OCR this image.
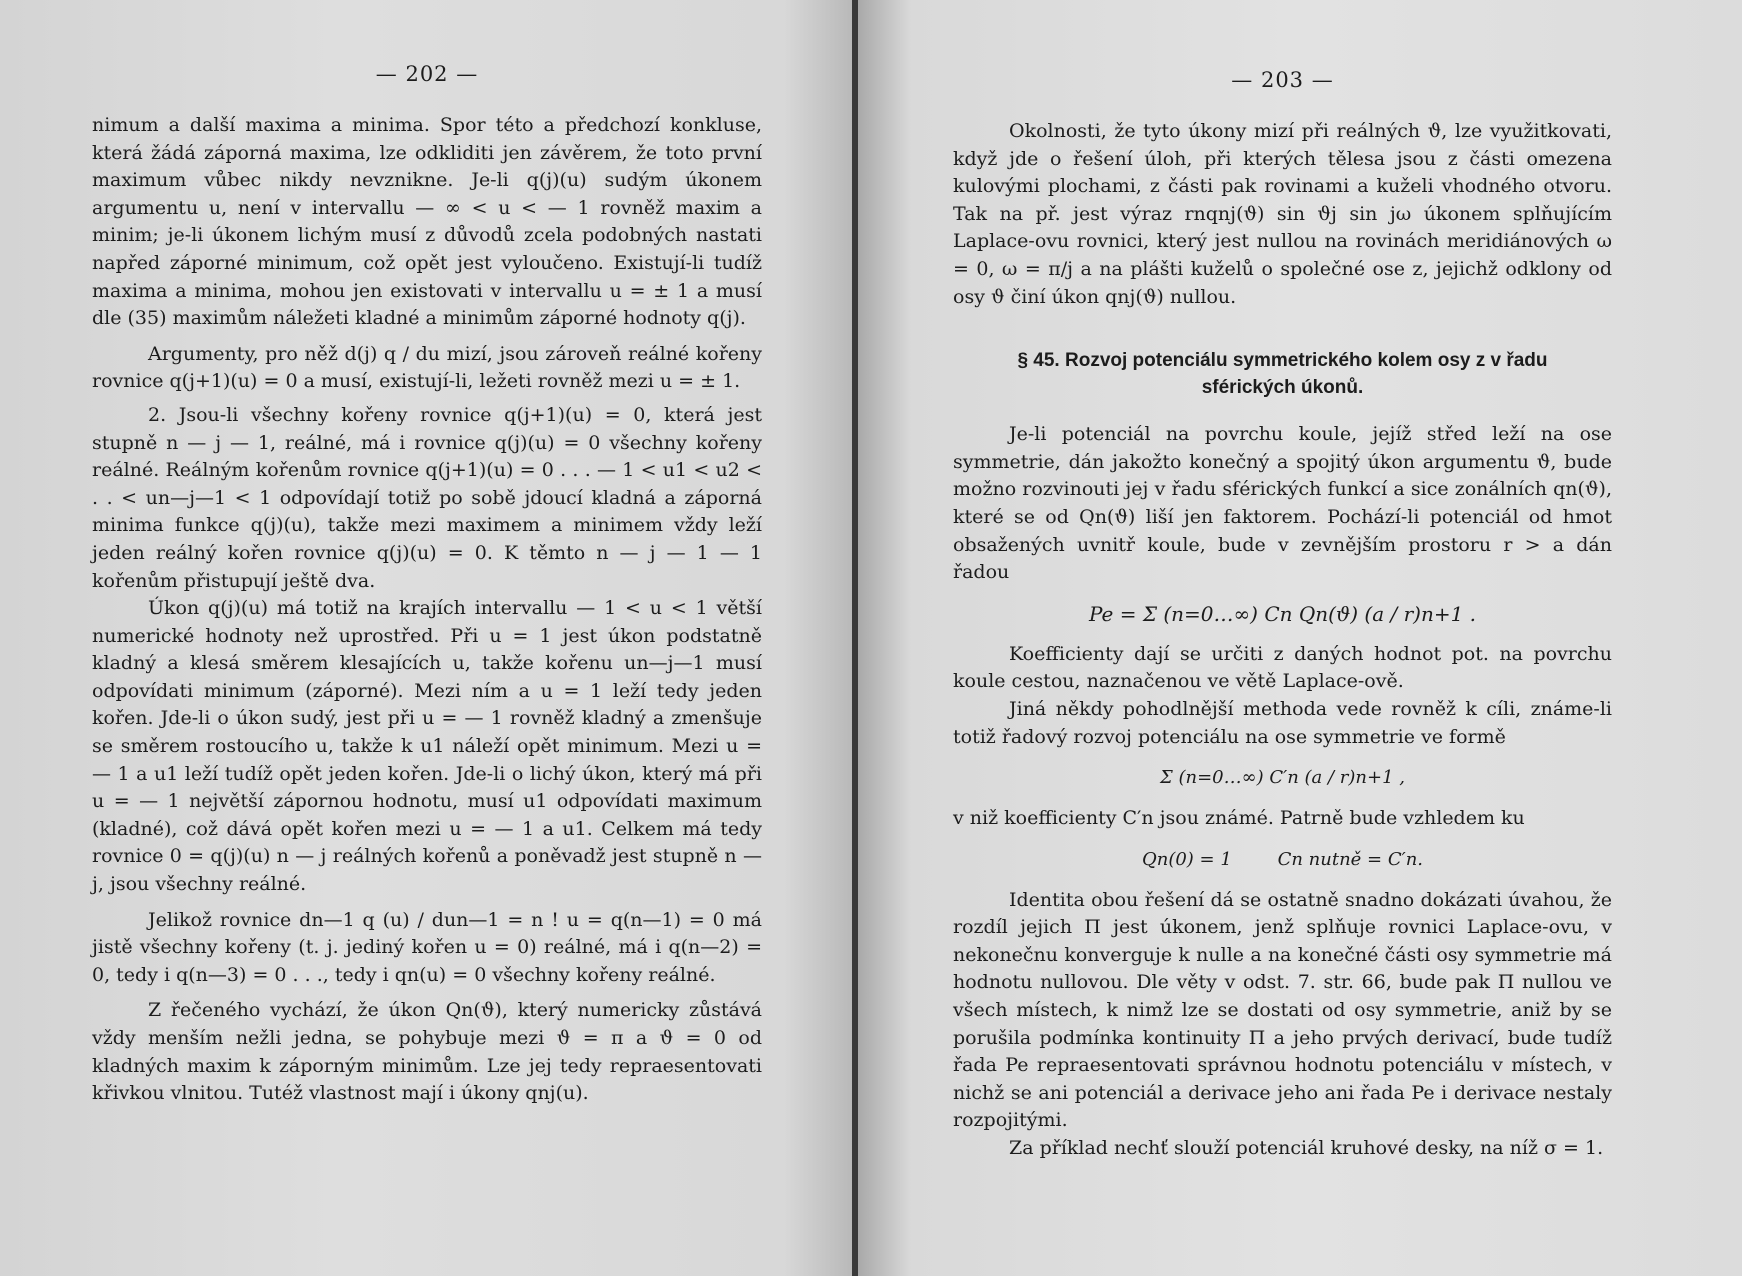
— 202 —

nimum a další maxima a minima. Spor této a předchozí konkluse, která žádá záporná maxima, lze odkliditi jen závěrem, že toto první maximum vůbec nikdy nevznikne. Je-li q(j)(u) sudým úkonem argumentu u, není v intervallu — ∞ < u < — 1 rovněž maxim a minim; je-li úkonem lichým musí z důvodů zcela podobných nastati napřed záporné minimum, což opět jest vyloučeno. Existují-li tudíž maxima a minima, mohou jen existovati v intervallu u = ± 1 a musí dle (35) maximům náležeti kladné a minimům záporné hodnoty q(j).

Argumenty, pro něž d(j) q / du mizí, jsou zároveň reálné kořeny rovnice q(j+1)(u) = 0 a musí, existují-li, ležeti rovněž mezi u = ± 1.

2. Jsou-li všechny kořeny rovnice q(j+1)(u) = 0, která jest stupně n — j — 1, reálné, má i rovnice q(j)(u) = 0 všechny kořeny reálné. Reálným kořenům rovnice q(j+1)(u) = 0 . . . — 1 < u1 < u2 < . . < un—j—1 < 1 odpovídají totiž po sobě jdoucí kladná a záporná minima funkce q(j)(u), takže mezi maximem a minimem vždy leží jeden reálný kořen rovnice q(j)(u) = 0. K těmto n — j — 1 — 1 kořenům přistupují ještě dva.

Úkon q(j)(u) má totiž na krajích intervallu — 1 < u < 1 větší numerické hodnoty než uprostřed. Při u = 1 jest úkon podstatně kladný a klesá směrem klesajících u, takže kořenu un—j—1 musí odpovídati minimum (záporné). Mezi ním a u = 1 leží tedy jeden kořen. Jde-li o úkon sudý, jest při u = — 1 rovněž kladný a zmenšuje se směrem rostoucího u, takže k u1 náleží opět minimum. Mezi u = — 1 a u1 leží tudíž opět jeden kořen. Jde-li o lichý úkon, který má při u = — 1 největší zápornou hodnotu, musí u1 odpovídati maximum (kladné), což dává opět kořen mezi u = — 1 a u1. Celkem má tedy rovnice 0 = q(j)(u) n — j reálných kořenů a poněvadž jest stupně n — j, jsou všechny reálné.

Jelikož rovnice dn—1 q (u) / dun—1 = n ! u = q(n—1) = 0 má jistě všechny kořeny (t. j. jediný kořen u = 0) reálné, má i q(n—2) = 0, tedy i q(n—3) = 0 . . ., tedy i qn(u) = 0 všechny kořeny reálné.

Z řečeného vychází, že úkon Qn(ϑ), který numericky zůstává vždy menším nežli jedna, se pohybuje mezi ϑ = π a ϑ = 0 od kladných maxim k záporným minimům. Lze jej tedy repraesentovati křivkou vlnitou. Tutéž vlastnost mají i úkony qnj(u).

— 203 —

Okolnosti, že tyto úkony mizí při reálných ϑ, lze využitkovati, když jde o řešení úloh, při kterých tělesa jsou z části omezena kulovými plochami, z části pak rovinami a kuželi vhodného otvoru. Tak na př. jest výraz rnqnj(ϑ) sin ϑj sin jω úkonem splňujícím Laplace-ovu rovnici, který jest nullou na rovinách meridiánových ω = 0, ω = π/j a na plášti kuželů o společné ose z, jejichž odklony od osy ϑ činí úkon qnj(ϑ) nullou.

§ 45. Rozvoj potenciálu symmetrického kolem osy z v řadu sférických úkonů.

Je-li potenciál na povrchu koule, jejíž střed leží na ose symmetrie, dán jakožto konečný a spojitý úkon argumentu ϑ, bude možno rozvinouti jej v řadu sférických funkcí a sice zonálních qn(ϑ), které se od Qn(ϑ) liší jen faktorem. Pochází-li potenciál od hmot obsažených uvnitř koule, bude v zevnějším prostoru r > a dán řadou

Pe = Σ (n=0…∞) Cn Qn(ϑ) (a / r)n+1 .

Koefficienty dají se určiti z daných hodnot pot. na povrchu koule cestou, naznačenou ve větě Laplace-ově.

Jiná někdy pohodlnější methoda vede rovněž k cíli, známe-li totiž řadový rozvoj potenciálu na ose symmetrie ve formě

Σ (n=0…∞) C′n (a / r)n+1 ,

v niž koefficienty C′n jsou známé. Patrně bude vzhledem ku

Qn(0) = 1        Cn nutně = C′n.

Identita obou řešení dá se ostatně snadno dokázati úvahou, že rozdíl jejich Π jest úkonem, jenž splňuje rovnici Laplace-ovu, v nekonečnu konverguje k nulle a na konečné části osy symmetrie má hodnotu nullovou. Dle věty v odst. 7. str. 66, bude pak Π nullou ve všech místech, k nimž lze se dostati od osy symmetrie, aniž by se porušila podmínka kontinuity Π a jeho prvých derivací, bude tudíž řada Pe repraesentovati správnou hodnotu potenciálu v místech, v nichž se ani potenciál a derivace jeho ani řada Pe i derivace nestaly rozpojitými.

Za příklad nechť slouží potenciál kruhové desky, na níž σ = 1.
